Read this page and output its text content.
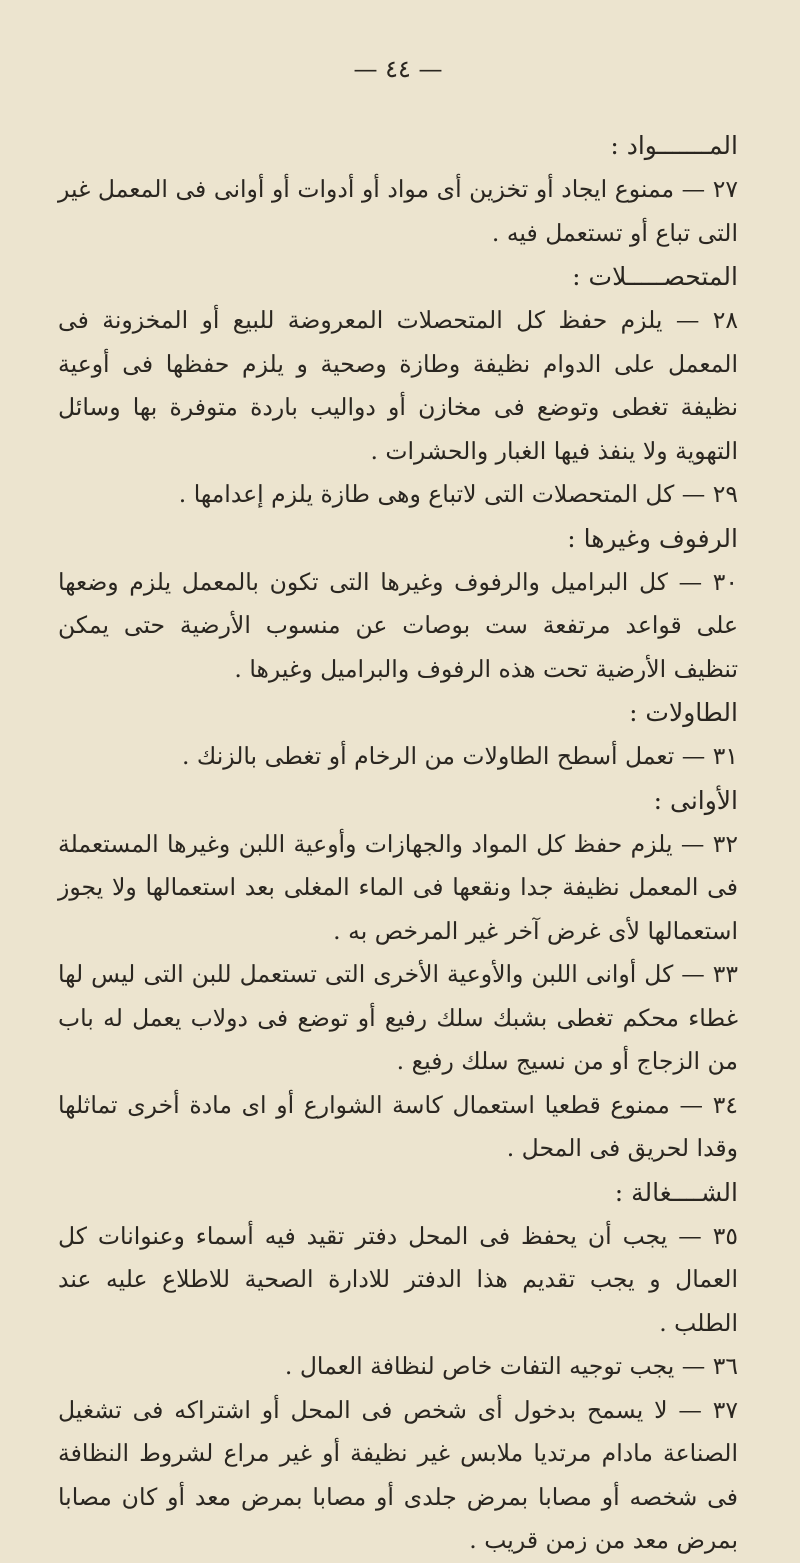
— ٤٤ —
المـــــــواد :

٢٧ — ممنوع ايجاد أو تخزين أى مواد أو أدوات أو أوانى فى المعمل غير التى تباع أو تستعمل فيه .

المتحصـــــلات :

٢٨ — يلزم حفظ كل المتحصلات المعروضة للبيع أو المخزونة فى المعمل على الدوام نظيفة وطازة وصحية و يلزم حفظها فى أوعية نظيفة تغطى وتوضع فى مخازن أو دواليب باردة متوفرة بها وسائل التهوية ولا ينفذ فيها الغبار والحشرات .

٢٩ — كل المتحصلات التى لاتباع وهى طازة يلزم إعدامها .

الرفوف وغيرها :

٣٠ — كل البراميل والرفوف وغيرها التى تكون بالمعمل يلزم وضعها على قواعد مرتفعة ست بوصات عن منسوب الأرضية حتى يمكن تنظيف الأرضية تحت هذه الرفوف والبراميل وغيرها .

الطاولات :

٣١ — تعمل أسطح الطاولات من الرخام أو تغطى بالزنك .

الأوانى :

٣٢ — يلزم حفظ كل المواد والجهازات وأوعية اللبن وغيرها المستعملة فى المعمل نظيفة جدا ونقعها فى الماء المغلى بعد استعمالها ولا يجوز استعمالها لأى غرض آخر غير المرخص به .

٣٣ — كل أوانى اللبن والأوعية الأخرى التى تستعمل للبن التى ليس لها غطاء محكم تغطى بشبك سلك رفيع أو توضع فى دولاب يعمل له باب من الزجاج أو من نسيج سلك رفيع .

٣٤ — ممنوع قطعيا استعمال كاسة الشوارع أو اى مادة أخرى تماثلها وقدا لحريق فى المحل .

الشــــغالة :

٣٥ — يجب أن يحفظ فى المحل دفتر تقيد فيه أسماء وعنوانات كل العمال و يجب تقديم هذا الدفتر للادارة الصحية للاطلاع عليه عند الطلب .

٣٦ — يجب توجيه التفات خاص لنظافة العمال .

٣٧ — لا يسمح بدخول أى شخص فى المحل أو اشتراكه فى تشغيل الصناعة مادام مرتديا ملابس غير نظيفة أو غير مراع لشروط النظافة فى شخصه أو مصابا بمرض جلدى أو مصابا بمرض معد أو كان مصابا بمرض معد من زمن قريب .
